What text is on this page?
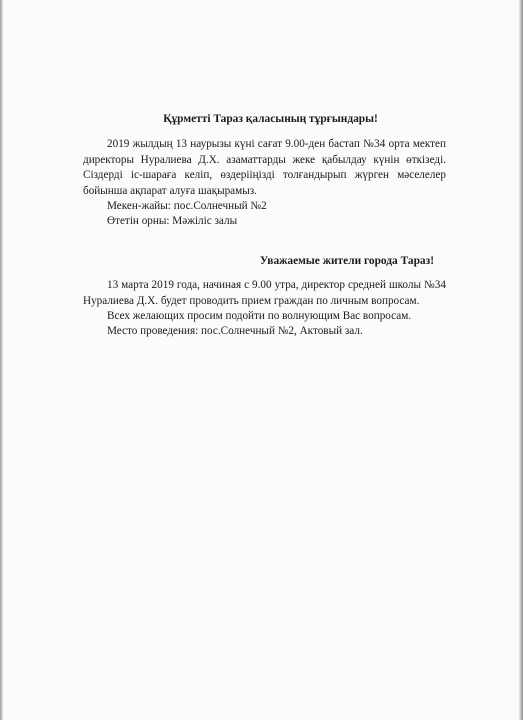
Құрметті Тараз қаласының тұрғындары!

2019 жылдың 13 наурызы күні сағат 9.00-ден бастап №34 орта мектеп директоры Нуралиева Д.Х. азаматтарды жеке қабылдау күнін өткізеді. Сіздерді іс-шараға келіп, өздерііңізді толғандырып жүрген мәселелер бойынша ақпарат алуға шақырамыз.

Мекен-жайы: пос.Солнечный №2

Өтетін орны: Мәжіліс залы

Уважаемые жители города Тараз!

13 марта 2019 года, начиная с 9.00 утра, директор средней школы №34 Нуралиева Д.Х. будет проводить прием граждан по личным вопросам.

Всех желающих просим подойти по волнующим Вас вопросам.

Место проведения: пос.Солнечный №2, Актовый зал.
